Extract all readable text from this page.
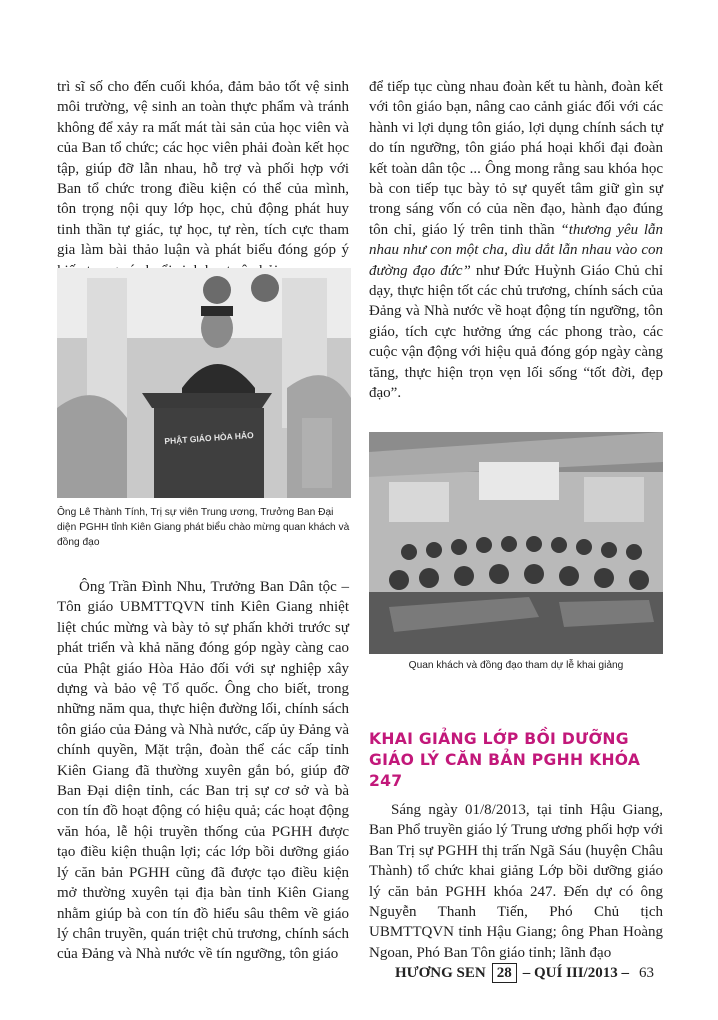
trì sĩ số cho đến cuối khóa, đảm bảo tốt vệ sinh môi trường, vệ sinh an toàn thực phẩm và tránh không để xảy ra mất mát tài sản của học viên và của Ban tổ chức; các học viên phải đoàn kết học tập, giúp đỡ lẫn nhau, hỗ trợ và phối hợp với Ban tổ chức trong điều kiện có thể của mình, tôn trọng nội quy lớp học, chủ động phát huy tinh thần tự giác, tự học, tự rèn, tích cực tham gia làm bài thảo luận và phát biểu đóng góp ý

PHẬT GIÁO HÒA HẢO

Ông Lê Thành Tính, Trị sự viên Trung ương, Trưởng Ban Đại diện PGHH tỉnh Kiên Giang phát biểu chào mừng quan khách và đồng đạo

Ông Trần Đình Nhu, Trưởng Ban Dân tộc – Tôn giáo UBMTTQVN tỉnh Kiên Giang nhiệt liệt chúc mừng và bày tỏ sự phấn khởi trước sự phát triển và khả năng đóng góp ngày càng cao của Phật giáo Hòa Hảo đối với sự nghiệp xây dựng và bảo vệ Tổ quốc. Ông cho biết, trong những năm qua, thực hiện đường lối, chính sách tôn giáo của Đảng và Nhà nước, cấp ủy Đảng và chính quyền, Mặt trận, đoàn thể các cấp tỉnh Kiên Giang đã thường xuyên gắn bó, giúp đỡ Ban Đại diện tỉnh, các Ban trị sự cơ sở và bà con tín đồ hoạt động có hiệu quả; các hoạt động văn hóa, lễ hội truyền thống của PGHH được tạo điều kiện thuận lợi; các lớp bồi dưỡng giáo lý căn bản PGHH cũng đã được tạo điều kiện mở thường xuyên tại địa bàn tỉnh Kiên Giang nhằm giúp bà con tín đồ hiểu sâu thêm về giáo lý chân truyền, quán triệt chủ trương, chính sách của Đảng và Nhà nước về tín ngưỡng, tôn giáo

để tiếp tục cùng nhau đoàn kết tu hành, đoàn kết với tôn giáo bạn, nâng cao cảnh giác đối với các hành vi lợi dụng tôn giáo, lợi dụng chính sách tự do tín ngưỡng, tôn giáo phá hoại khối đại đoàn kết toàn dân tộc ... Ông mong rằng sau khóa học bà con tiếp tục bày tỏ sự quyết tâm giữ gìn sự trong sáng vốn có của nền đạo, hành đạo đúng tôn chỉ, giáo lý trên tinh thần “thương yêu lẫn nhau như con một cha, dìu dắt lẫn nhau vào con đường đạo đức” như Đức Huỳnh Giáo Chủ chỉ dạy, thực hiện tốt các chủ trương, chính sách của Đảng và Nhà nước về hoạt động tín ngưỡng, tôn giáo, tích cực hưởng ứng các phong trào, các cuộc vận động với hiệu quả đóng góp ngày càng tăng, thực hiện trọn vẹn lối sống “tốt đời, đẹp đạo”.

Quan khách và đồng đạo tham dự lễ khai giảng

KHAI GIẢNG LỚP BỒI DƯỠNG GIÁO LÝ CĂN BẢN PGHH KHÓA 247

Sáng ngày 01/8/2013, tại tỉnh Hậu Giang, Ban Phổ truyền giáo lý Trung ương phối hợp với Ban Trị sự PGHH thị trấn Ngã Sáu (huyện Châu Thành) tổ chức khai giảng Lớp bồi dưỡng giáo lý căn bản PGHH khóa 247. Đến dự có ông Nguyễn Thanh Tiến, Phó Chủ tịch UBMTTQVN tỉnh Hậu Giang; ông Phan Hoàng Ngoan, Phó Ban Tôn giáo tỉnh; lãnh đạo

HƯƠNG SEN 28 – QUÍ III/2013 – 63
